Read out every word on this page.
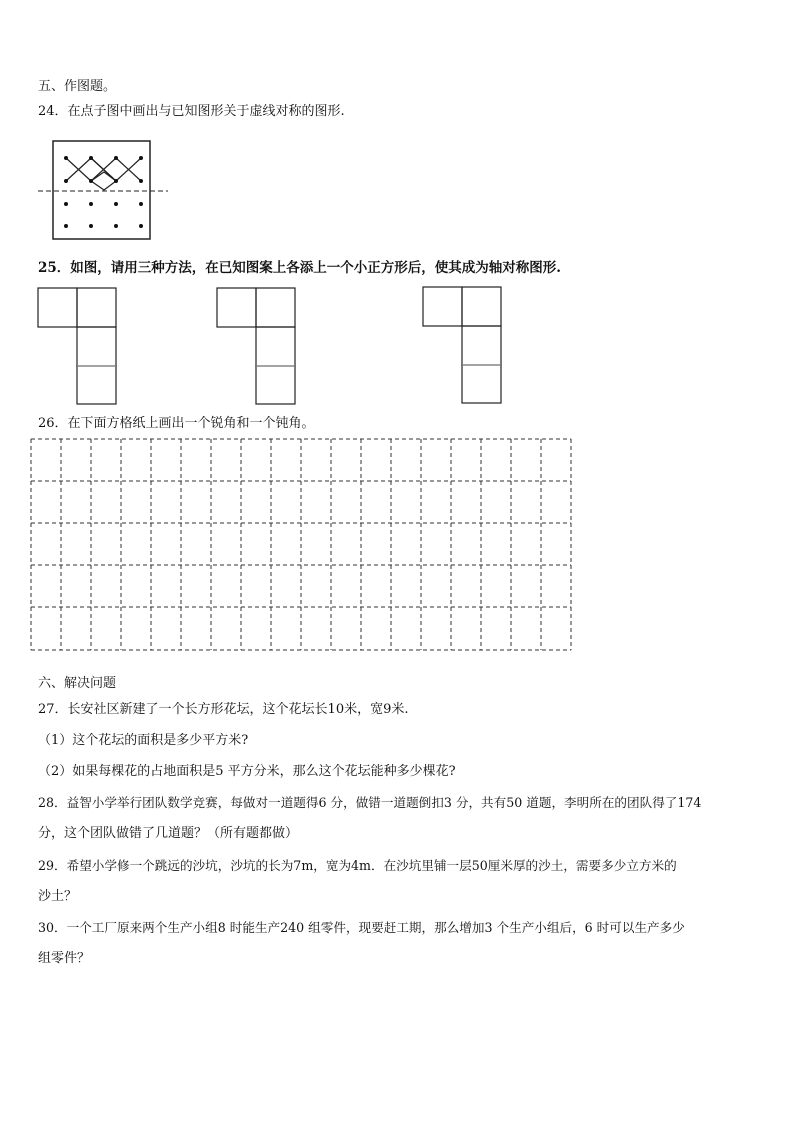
五、作图题。
24．在点子图中画出与已知图形关于虚线对称的图形.
25．如图，请用三种方法，在已知图案上各添上一个小正方形后，使其成为轴对称图形.
26．在下面方格纸上画出一个锐角和一个钝角。
六、解决问题
27．长安社区新建了一个长方形花坛，这个花坛长10米，宽9米.
（1）这个花坛的面积是多少平方米?
（2）如果每棵花的占地面积是5 平方分米，那么这个花坛能种多少棵花?
28．益智小学举行团队数学竞赛，每做对一道题得6 分，做错一道题倒扣3 分，共有50 道题，李明所在的团队得了174
分，这个团队做错了几道题？（所有题都做）
29．希望小学修一个跳远的沙坑，沙坑的长为7m，宽为4m．在沙坑里铺一层50厘米厚的沙土，需要多少立方米的
沙土？
30．一个工厂原来两个生产小组8 时能生产240 组零件，现要赶工期，那么增加3 个生产小组后，6 时可以生产多少
组零件？
